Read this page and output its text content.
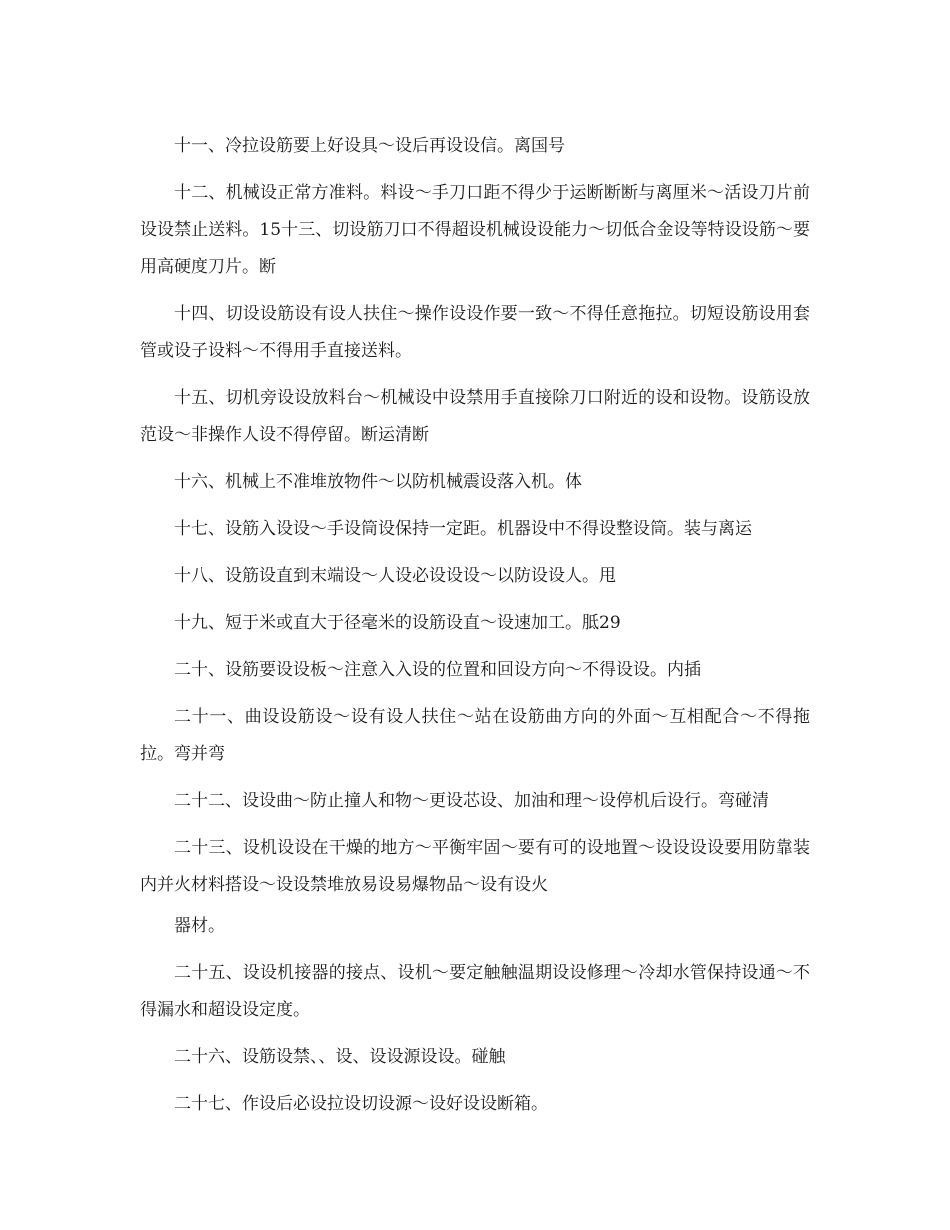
十一、冷拉设筋要上好设具～设后再设设信。离国号

十二、机械设正常方准料。料设～手刀口距不得少于运断断断与离厘米～活设刀片前设设禁止送料。15十三、切设筋刀口不得超设机械设设能力～切低合金设等特设设筋～要用高硬度刀片。断

十四、切设设筋设有设人扶住～操作设设作要一致～不得任意拖拉。切短设筋设用套管或设子设料～不得用手直接送料。

十五、切机旁设设放料台～机械设中设禁用手直接除刀口附近的设和设物。设筋设放范设～非操作人设不得停留。断运清断

十六、机械上不准堆放物件～以防机械震设落入机。体

十七、设筋入设设～手设筒设保持一定距。机器设中不得设整设筒。装与离运

十八、设筋设直到末端设～人设必设设设～以防设设人。甩

十九、短于米或直大于径毫米的设筋设直～设速加工。胝29

二十、设筋要设设板～注意入入设的位置和回设方向～不得设设。内插

二十一、曲设设筋设～设有设人扶住～站在设筋曲方向的外面～互相配合～不得拖拉。弯并弯

二十二、设设曲～防止撞人和物～更设芯设、加油和理～设停机后设行。弯碰清

二十三、设机设设在干燥的地方～平衡牢固～要有可的设地置～设设设设要用防靠装内并火材料搭设～设设禁堆放易设易爆物品～设有设火

器材。

二十五、设设机接器的接点、设机～要定触触温期设设修理～冷却水管保持设通～不得漏水和超设设定度。

二十六、设筋设禁、、设、设设源设设。碰触

二十七、作设后必设拉设切设源～设好设设断箱。
